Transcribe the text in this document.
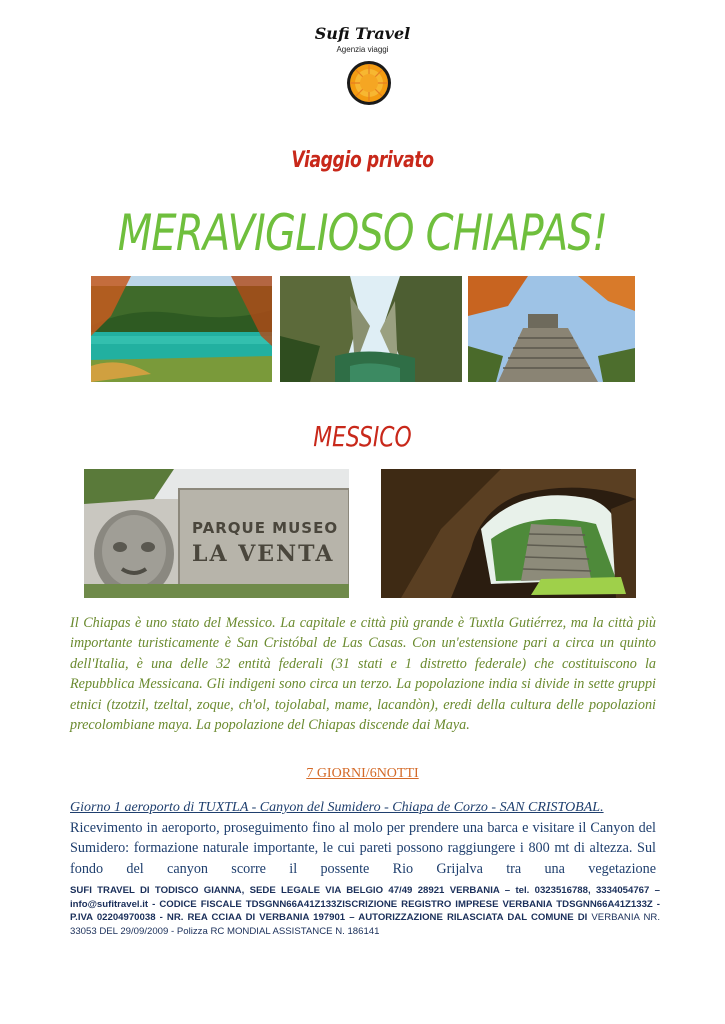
Sufi Travel
Agenzia viaggi
Viaggio privato
MERAVIGLIOSO CHIAPAS!
MESSICO
PARQUE MUSEO
LA VENTA
Il Chiapas è uno stato del Messico. La capitale e città più grande è Tuxtla Gutiérrez, ma la città più importante turisticamente è San Cristóbal de Las Casas. Con un'estensione pari a circa un quinto dell'Italia, è una delle 32 entità federali (31 stati e 1 distretto federale) che costituiscono la Repubblica Messicana. Gli indigeni sono circa un terzo. La popolazione india si divide in sette gruppi etnici (tzotzil, tzeltal, zoque, ch'ol, tojolabal, mame, lacandòn), eredi della cultura delle popolazioni precolombiane maya. La popolazione del Chiapas discende dai Maya.
7 GIORNI/6NOTTI
Giorno 1 aeroporto di TUXTLA - Canyon del Sumidero - Chiapa de Corzo - SAN CRISTOBAL.
Ricevimento in aeroporto, proseguimento fino al molo per prendere una barca e visitare il Canyon del Sumidero: formazione naturale importante, le cui pareti possono raggiungere i 800 mt di altezza. Sul fondo del canyon scorre il possente Rio Grijalva tra una vegetazione
SUFI TRAVEL DI TODISCO GIANNA, SEDE LEGALE VIA BELGIO 47/49 28921 VERBANIA – tel. 0323516788, 3334054767 – info@sufitravel.it - CODICE FISCALE TDSGNN66A41Z133ZISCRIZIONE REGISTRO IMPRESE VERBANIA TDSGNN66A41Z133Z - P.IVA 02204970038 - NR. REA CCIAA DI VERBANIA 197901 – AUTORIZZAZIONE RILASCIATA DAL COMUNE DI VERBANIA NR. 33053 DEL 29/09/2009 - Polizza RC MONDIAL ASSISTANCE N. 186141
